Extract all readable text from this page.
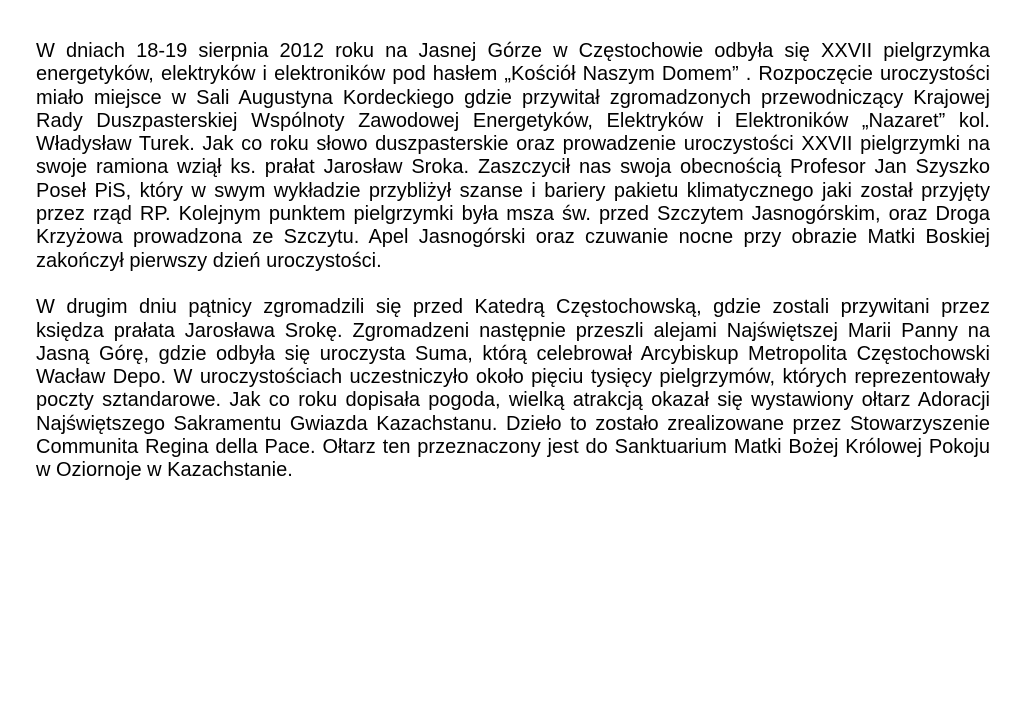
W dniach 18-19 sierpnia 2012 roku na Jasnej Górze w Częstochowie odbyła się XXVII pielgrzymka energetyków, elektryków i elektroników pod hasłem „Kościół Naszym Domem” . Rozpoczęcie uroczystości miało miejsce w Sali Augustyna Kordeckiego gdzie przywitał zgromadzonych przewodniczący Krajowej Rady Duszpasterskiej Wspólnoty Zawodowej Energetyków, Elektryków i Elektroników „Nazaret” kol. Władysław Turek. Jak co roku słowo duszpasterskie oraz prowadzenie uroczystości XXVII pielgrzymki na swoje ramiona wziął ks. prałat Jarosław Sroka. Zaszczycił nas swoja obecnością Profesor Jan Szyszko Poseł PiS, który w swym wykładzie przybliżył szanse i bariery pakietu klimatycznego jaki został przyjęty przez rząd RP. Kolejnym punktem pielgrzymki była msza św. przed Szczytem Jasnogórskim, oraz Droga Krzyżowa prowadzona ze Szczytu. Apel Jasnogórski oraz czuwanie nocne przy obrazie Matki Boskiej zakończył pierwszy dzień uroczystości.

W drugim dniu pątnicy zgromadzili się przed Katedrą Częstochowską, gdzie zostali przywitani przez księdza prałata Jarosława Srokę. Zgromadzeni następnie przeszli alejami Najświętszej Marii Panny na Jasną Górę, gdzie odbyła się uroczysta Suma, którą celebrował Arcybiskup Metropolita Częstochowski Wacław Depo. W uroczystościach uczestniczyło około pięciu tysięcy pielgrzymów, których reprezentowały poczty sztandarowe. Jak co roku dopisała pogoda, wielką atrakcją okazał się wystawiony ołtarz Adoracji Najświętszego Sakramentu Gwiazda Kazachstanu. Dzieło to zostało zrealizowane przez Stowarzyszenie Communita Regina della Pace. Ołtarz ten przeznaczony jest do Sanktuarium Matki Bożej Królowej Pokoju w Oziornoje w Kazachstanie.
